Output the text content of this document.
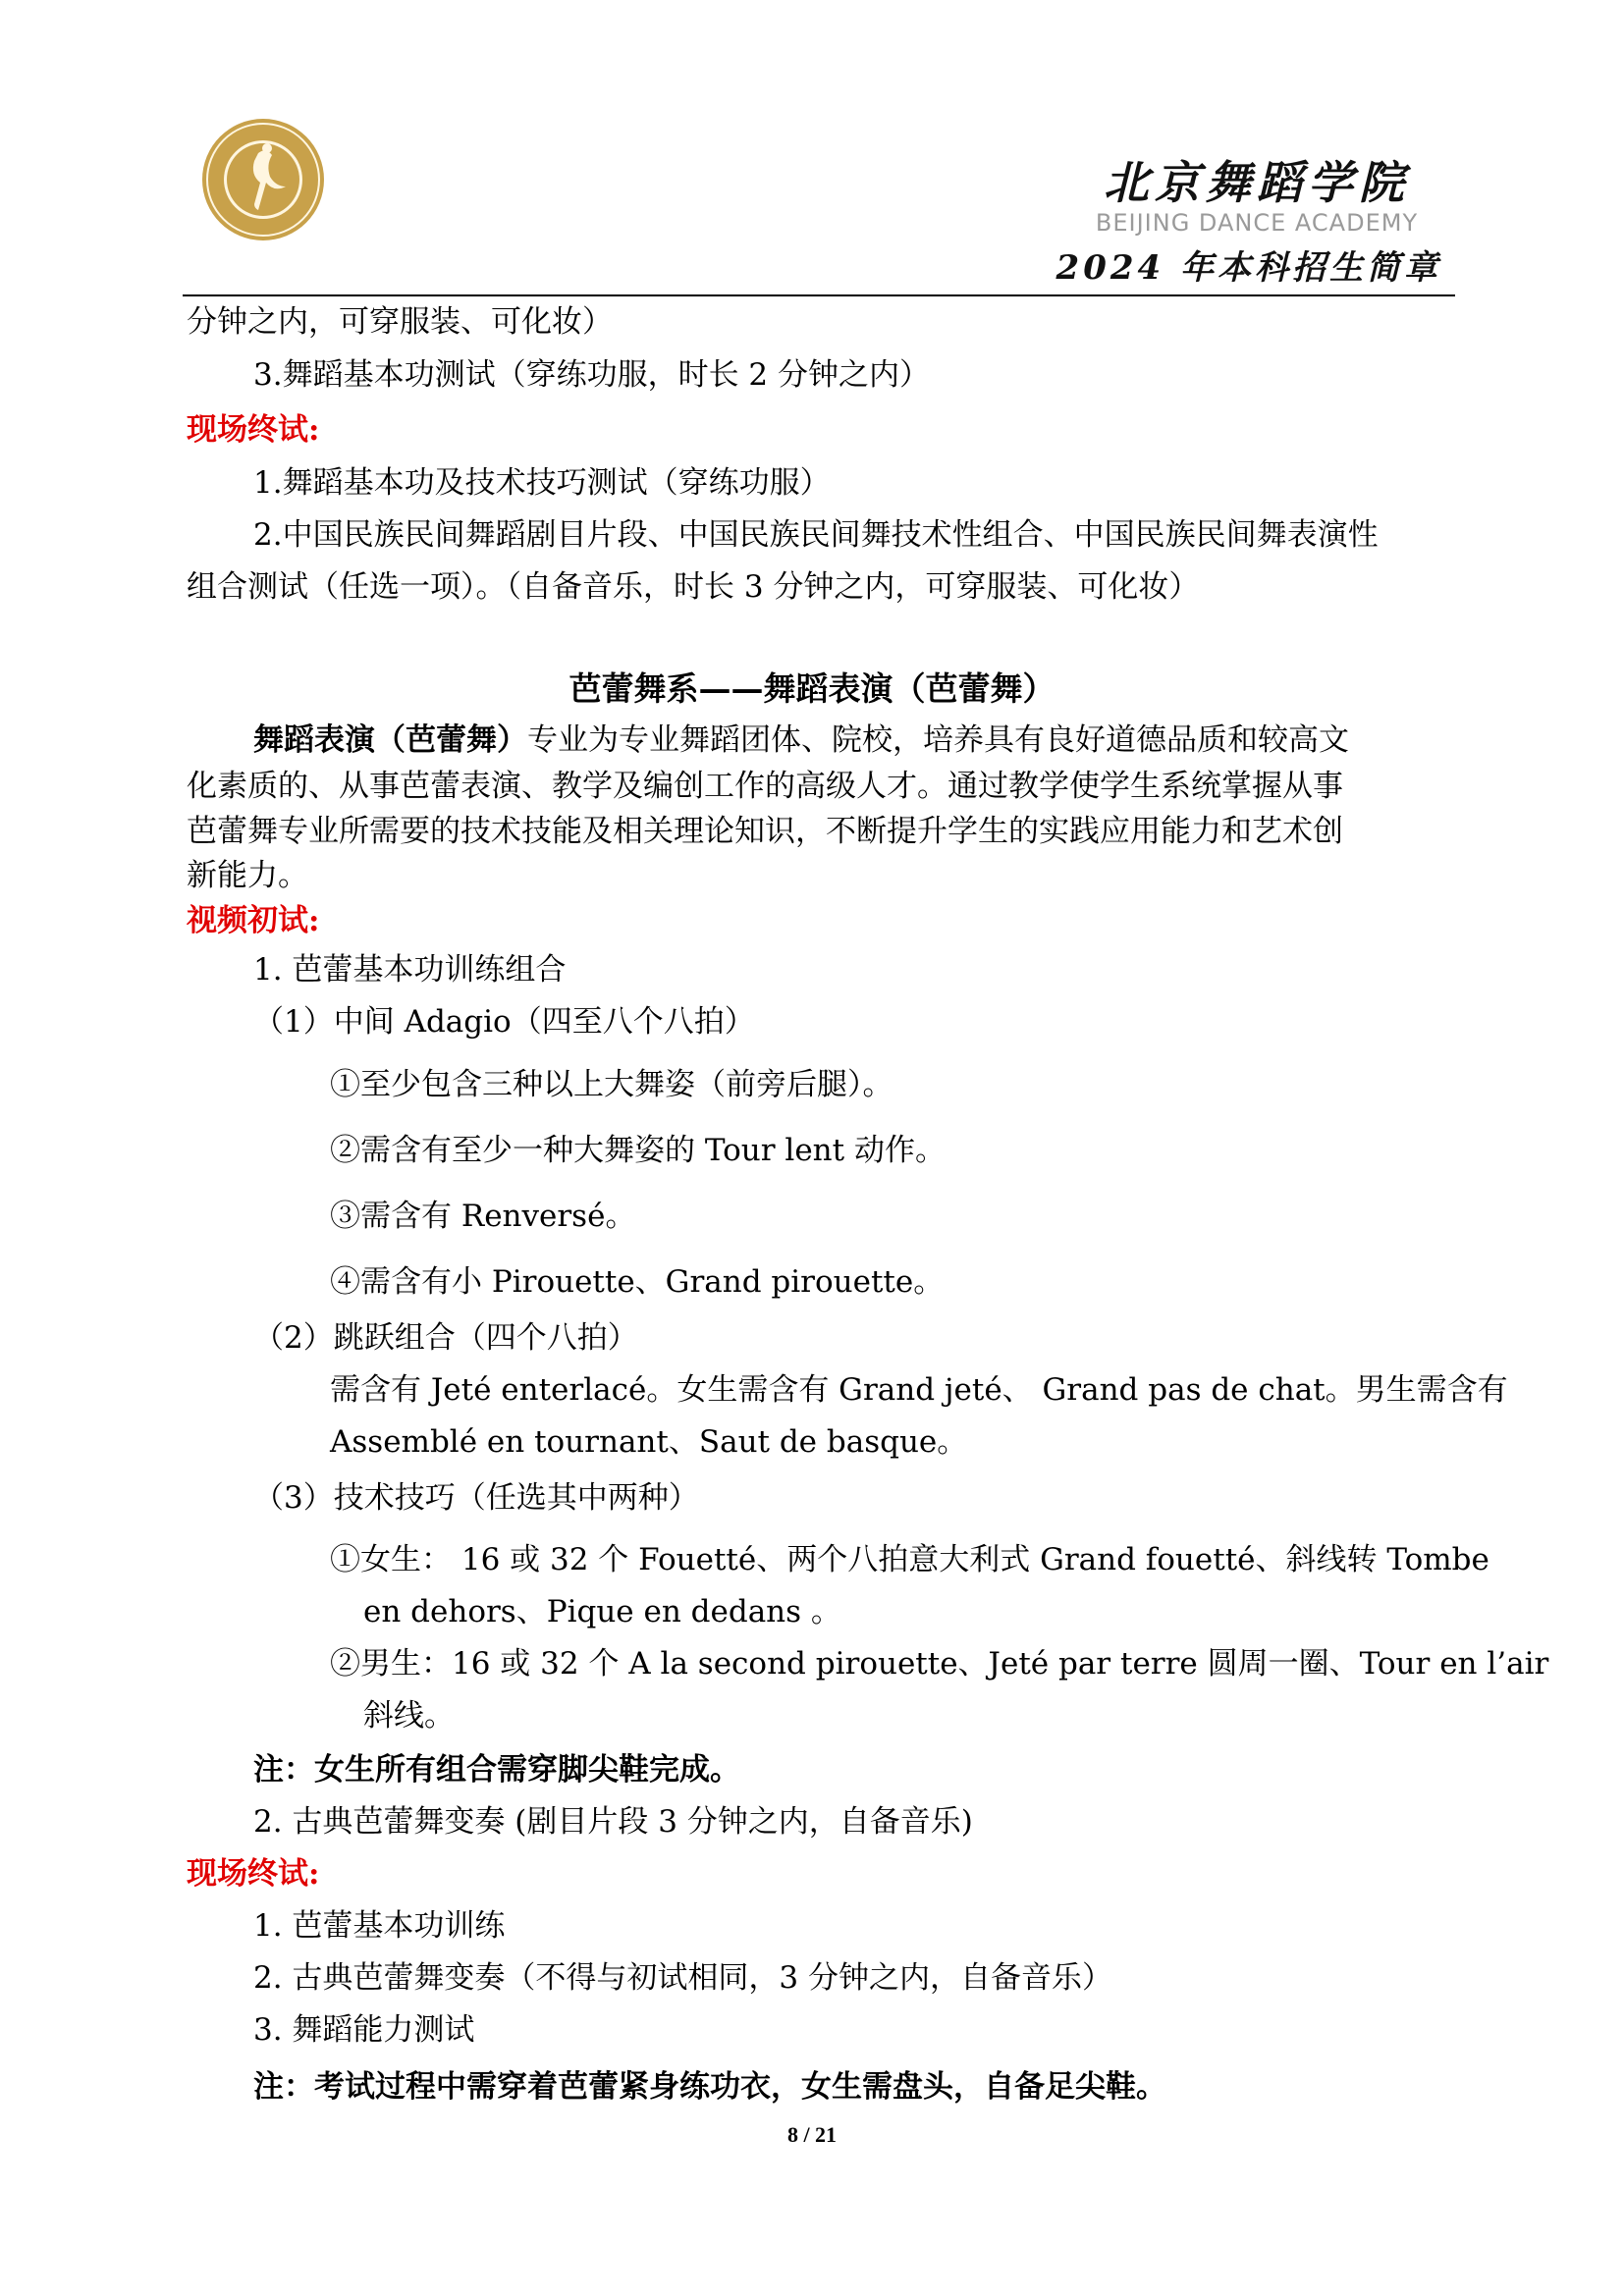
北京舞蹈学院
BEIJING DANCE ACADEMY
2024 年本科招生简章
分钟之内，可穿服装、可化妆）
3.舞蹈基本功测试（穿练功服，时长 2 分钟之内）
现场终试:
1.舞蹈基本功及技术技巧测试（穿练功服）
2.中国民族民间舞蹈剧目片段、中国民族民间舞技术性组合、中国民族民间舞表演性
组合测试（任选一项）。（自备音乐，时长 3 分钟之内，可穿服装、可化妆）
芭蕾舞系——舞蹈表演（芭蕾舞）
舞蹈表演（芭蕾舞）专业为专业舞蹈团体、院校，培养具有良好道德品质和较高文
化素质的、从事芭蕾表演、教学及编创工作的高级人才。通过教学使学生系统掌握从事
芭蕾舞专业所需要的技术技能及相关理论知识，不断提升学生的实践应用能力和艺术创
新能力。
视频初试:
1. 芭蕾基本功训练组合
（1）中间 Adagio（四至八个八拍）
①至少包含三种以上大舞姿（前旁后腿）。
②需含有至少一种大舞姿的 Tour lent 动作。
③需含有 Renversé。
④需含有小 Pirouette、Grand pirouette。
（2）跳跃组合（四个八拍）
需含有 Jeté enterlacé。女生需含有 Grand jeté、 Grand pas de chat。男生需含有
Assemblé en tournant、Saut de basque。
（3）技术技巧（任选其中两种）
①女生： 16 或 32 个 Fouetté、两个八拍意大利式 Grand fouetté、斜线转 Tombe
en dehors、Pique en dedans 。
②男生：16 或 32 个 A la second pirouette、Jeté par terre 圆周一圈、Tour en l’air
斜线。
注：女生所有组合需穿脚尖鞋完成。
2. 古典芭蕾舞变奏 (剧目片段 3 分钟之内，自备音乐)
现场终试:
1. 芭蕾基本功训练
2. 古典芭蕾舞变奏（不得与初试相同，3 分钟之内，自备音乐）
3. 舞蹈能力测试
注：考试过程中需穿着芭蕾紧身练功衣，女生需盘头，自备足尖鞋。
8 / 21
